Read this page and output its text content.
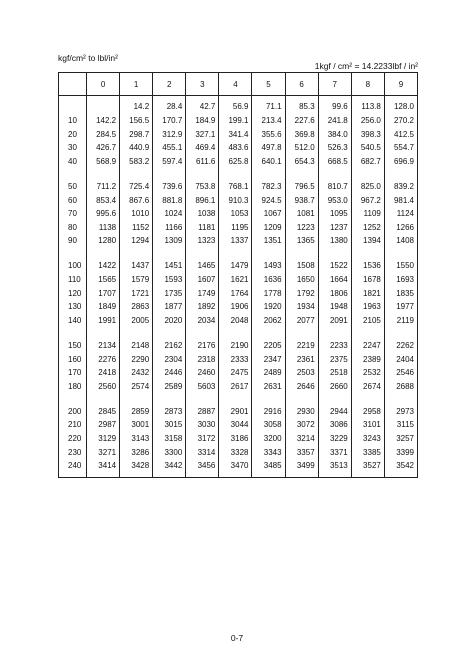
kgf/cm² to lbl/in²
1kgf / cm² = 14.2233lbf / in²
	0	1	2	3	4	5	6	7	8	9

		14.2	28.4	42.7	56.9	71.1	85.3	99.6	113.8	128.0
10	142.2	156.5	170.7	184.9	199.1	213.4	227.6	241.8	256.0	270.2
20	284.5	298.7	312.9	327.1	341.4	355.6	369.8	384.0	398.3	412.5
30	426.7	440.9	455.1	469.4	483.6	497.8	512.0	526.3	540.5	554.7
40	568.9	583.2	597.4	611.6	625.8	640.1	654.3	668.5	682.7	696.9

50	711.2	725.4	739.6	753.8	768.1	782.3	796.5	810.7	825.0	839.2
60	853.4	867.6	881.8	896.1	910.3	924.5	938.7	953.0	967.2	981.4
70	995.6	1010	1024	1038	1053	1067	1081	1095	1109	1124
80	1138	1152	1166	1181	1195	1209	1223	1237	1252	1266
90	1280	1294	1309	1323	1337	1351	1365	1380	1394	1408

100	1422	1437	1451	1465	1479	1493	1508	1522	1536	1550
110	1565	1579	1593	1607	1621	1636	1650	1664	1678	1693
120	1707	1721	1735	1749	1764	1778	1792	1806	1821	1835
130	1849	2863	1877	1892	1906	1920	1934	1948	1963	1977
140	1991	2005	2020	2034	2048	2062	2077	2091	2105	2119

150	2134	2148	2162	2176	2190	2205	2219	2233	2247	2262
160	2276	2290	2304	2318	2333	2347	2361	2375	2389	2404
170	2418	2432	2446	2460	2475	2489	2503	2518	2532	2546
180	2560	2574	2589	5603	2617	2631	2646	2660	2674	2688

200	2845	2859	2873	2887	2901	2916	2930	2944	2958	2973
210	2987	3001	3015	3030	3044	3058	3072	3086	3101	3115
220	3129	3143	3158	3172	3186	3200	3214	3229	3243	3257
230	3271	3286	3300	3314	3328	3343	3357	3371	3385	3399
240	3414	3428	3442	3456	3470	3485	3499	3513	3527	3542

0-7
